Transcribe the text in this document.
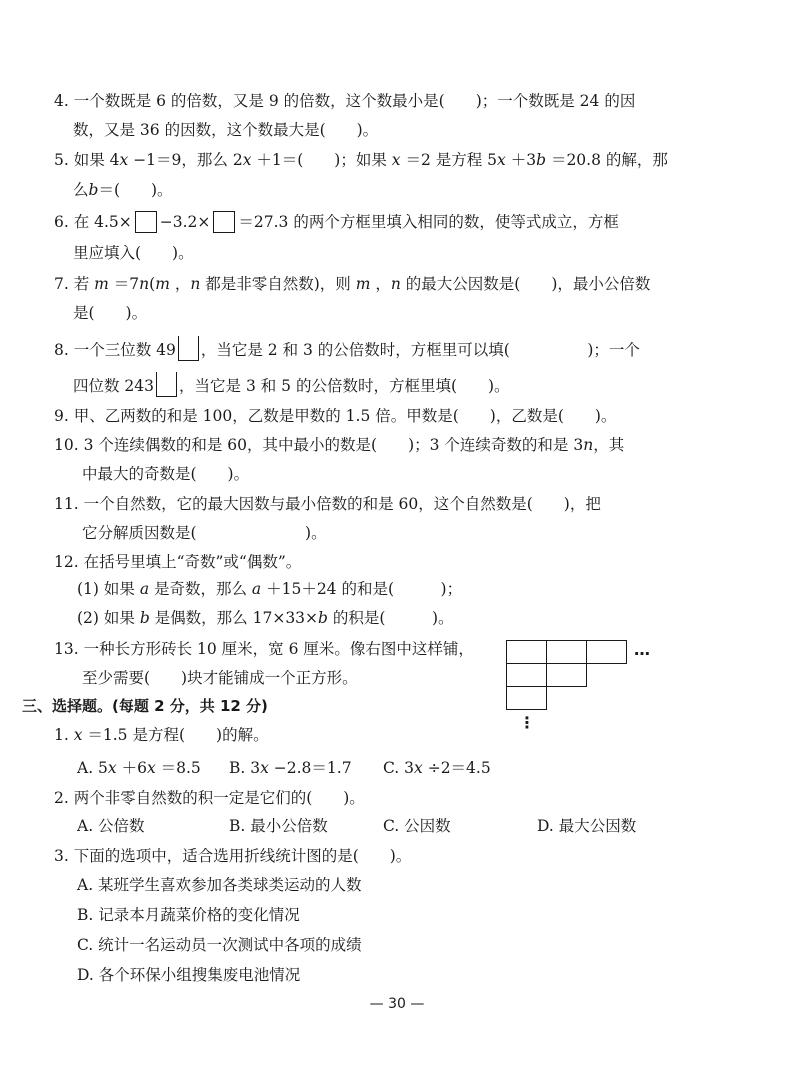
4. 一个数既是 6 的倍数，又是 9 的倍数，这个数最小是(　　)；一个数既是 24 的因
数，又是 36 的因数，这个数最大是(　　)。
5. 如果 4x −1＝9，那么 2x ＋1＝(　　)；如果 x ＝2 是方程 5x ＋3b ＝20.8 的解，那
么b＝(　　)。
6. 在 4.5× −3.2× ＝27.3 的两个方框里填入相同的数，使等式成立，方框
里应填入(　　)。
7. 若 m ＝7n(m ，n 都是非零自然数)，则 m ，n 的最大公因数是(　　)，最小公倍数
是(　　)。
8. 一个三位数 49 ，当它是 2 和 3 的公倍数时，方框里可以填(　　　　　)；一个
四位数 243 ，当它是 3 和 5 的公倍数时，方框里填(　　)。
9. 甲、乙两数的和是 100，乙数是甲数的 1.5 倍。甲数是(　　)，乙数是(　　)。
10. 3 个连续偶数的和是 60，其中最小的数是(　　)；3 个连续奇数的和是 3n，其
中最大的奇数是(　　)。
11. 一个自然数，它的最大因数与最小倍数的和是 60，这个自然数是(　　)，把
它分解质因数是(　　　　　　　)。
12. 在括号里填上“奇数”或“偶数”。
(1) 如果 a 是奇数，那么 a ＋15＋24 的和是(　　　)；
(2) 如果 b 是偶数，那么 17×33×b 的积是(　　　)。
13. 一种长方形砖长 10 厘米，宽 6 厘米。像右图中这样铺，
至少需要(　　)块才能铺成一个正方形。
…
⋮
三、选择题。(每题 2 分，共 12 分)
1. x ＝1.5 是方程(　　)的解。
A. 5x ＋6x ＝8.5 B. 3x −2.8＝1.7 C. 3x ÷2＝4.5
2. 两个非零自然数的积一定是它们的(　　)。
A. 公倍数	B. 最小公倍数	C. 公因数	D. 最大公因数
3. 下面的选项中，适合选用折线统计图的是(　　)。
A. 某班学生喜欢参加各类球类运动的人数
B. 记录本月蔬菜价格的变化情况
C. 统计一名运动员一次测试中各项的成绩
D. 各个环保小组搜集废电池情况
— 30 —
